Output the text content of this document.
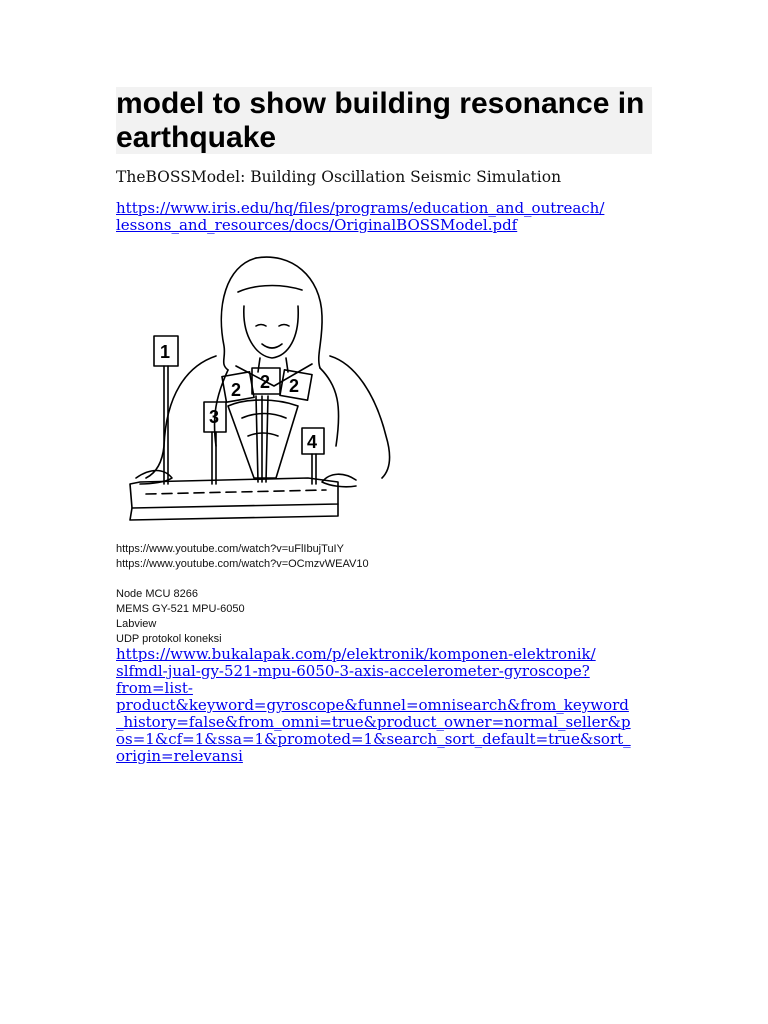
model to show building resonance in earthquake
TheBOSSModel: Building Oscillation Seismic Simulation
https://www.iris.edu/hq/files/programs/education_and_outreach/
lessons_and_resources/docs/OriginalBOSSModel.pdf
1
2 2 2
3
4
https://www.youtube.com/watch?v=uFlIbujTuIY
https://www.youtube.com/watch?v=OCmzvWEAV10
Node MCU 8266
MEMS GY-521 MPU-6050
Labview
UDP protokol koneksi
https://www.bukalapak.com/p/elektronik/komponen-elektronik/
slfmdl-jual-gy-521-mpu-6050-3-axis-accelerometer-gyroscope?
from=list-
product&keyword=gyroscope&funnel=omnisearch&from_keyword
_history=false&from_omni=true&product_owner=normal_seller&p
os=1&cf=1&ssa=1&promoted=1&search_sort_default=true&sort_
origin=relevansi
